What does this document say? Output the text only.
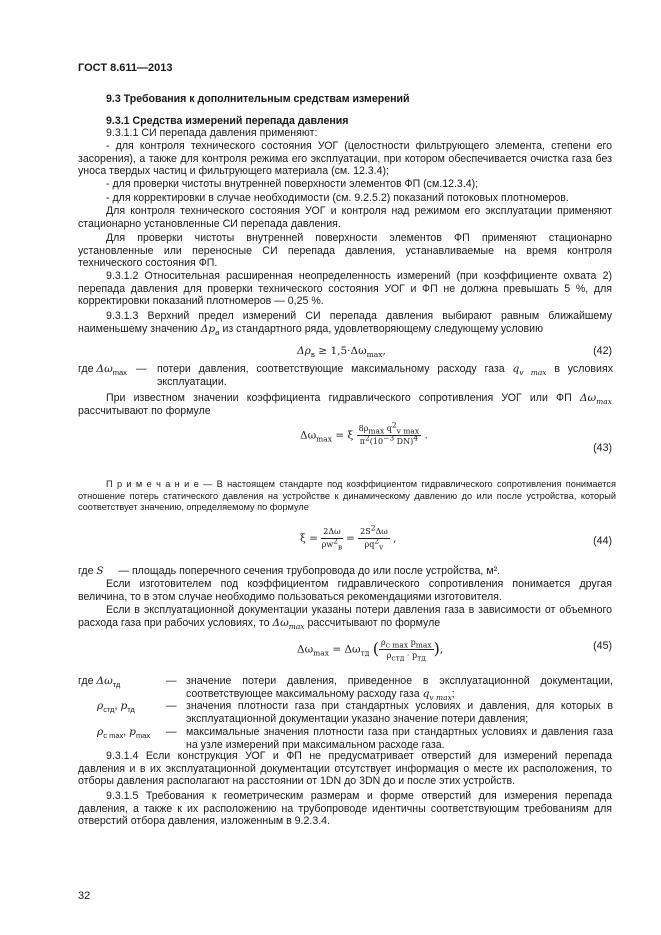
ГОСТ 8.611—2013
9.3 Требования к дополнительным средствам измерений
9.3.1 Средства измерений перепада давления
9.3.1.1 СИ перепада давления применяют:
- для контроля технического состояния УОГ (целостности фильтрующего элемента, степени его засорения), а также для контроля режима его эксплуатации, при котором обеспечивается очистка газа без уноса твердых частиц и фильтрующего материала (см. 12.3.4);
- для проверки чистоты внутренней поверхности элементов ФП (см.12.3.4);
- для корректировки в случае необходимости (см. 9.2.5.2) показаний потоковых плотномеров.
Для контроля технического состояния УОГ и контроля над режимом его эксплуатации применяют стационарно установленные СИ перепада давления.
Для проверки чистоты внутренней поверхности элементов ФП применяют стационарно установленные или переносные СИ перепада давления, устанавливаемые на время контроля технического состояния ФП.
9.3.1.2 Относительная расширенная неопределенность измерений (при коэффициенте охвата 2) перепада давления для проверки технического состояния УОГ и ФП не должна превышать 5 %, для корректировки показаний плотномеров — 0,25 %.
9.3.1.3 Верхний предел измерений СИ перепада давления выбирают равным ближайшему наименьшему значению $\Delta p_в$ из стандартного ряда, удовлетворяющему следующему условию
$\Delta\rho_в \ge 1,5\cdot\Delta\omega_{max}$,	(42)
где $\Delta\omega_{max}$ — потери давления, соответствующие максимальному расходу газа $q_{v max}$ в условиях эксплуатации.
При известном значении коэффициента гидравлического сопротивления УОГ или ФП $\Delta\omega_{max}$ рассчитывают по формуле
$\Delta\omega_{max} = \xi \frac{8\rho_{max} q^2_{v max}}{\pi^2(10^{-3} DN)^4}$ .
(43)
П р и м е ч а н и е — В настоящем стандарте под коэффициентом гидравлического сопротивления понимается отношение потерь статического давления на устройстве к динамическому давлению до или после устройства, который соответствует значению, определяемому по формуле
$\xi = \frac{2\Delta\omega}{\rho w^2_в} = \frac{2S^2\Delta\omega}{\rho q^2_v}$ ,	(44)
где S — площадь поперечного сечения трубопровода до или после устройства, м².
Если изготовителем под коэффициентом гидравлического сопротивления понимается другая величина, то в этом случае необходимо пользоваться рекомендациями изготовителя.
Если в эксплуатационной документации указаны потери давления газа в зависимости от объемного расхода газа при рабочих условиях, то $\Delta\omega_{max}$ рассчитывают по формуле
$\Delta\omega_{max} = \Delta\omega_{тд}$ ( $\frac{\rho_{c max} p_{max}}{\rho_{cтд} \cdot p_{тд}}$ ),	(45)
где $\Delta\omega_{тд}$	— значение потери давления, приведенное в эксплуатационной документации, соответствующее максимальному расходу газа $q_{v max}$;
$\rho_{cтд}$, $p_{тд}$	— значения плотности газа при стандартных условиях и давления, для которых в эксплуатационной документации указано значение потери давления;
$\rho_{c max}$, $p_{max}$ — максимальные значения плотности газа при стандартных условиях и давления газа на узле измерений при максимальном расходе газа.
9.3.1.4 Если конструкция УОГ и ФП не предусматривает отверстий для измерений перепада давления и в их эксплуатационной документации отсутствует информация о месте их расположения, то отборы давления располагают на расстоянии от 1DN до 3DN до и после этих устройств.
9.3.1.5 Требования к геометрическим размерам и форме отверстий для измерения перепада давления, а также к их расположению на трубопроводе идентичны соответствующим требованиям для отверстий отбора давления, изложенным в 9.2.3.4.
32
